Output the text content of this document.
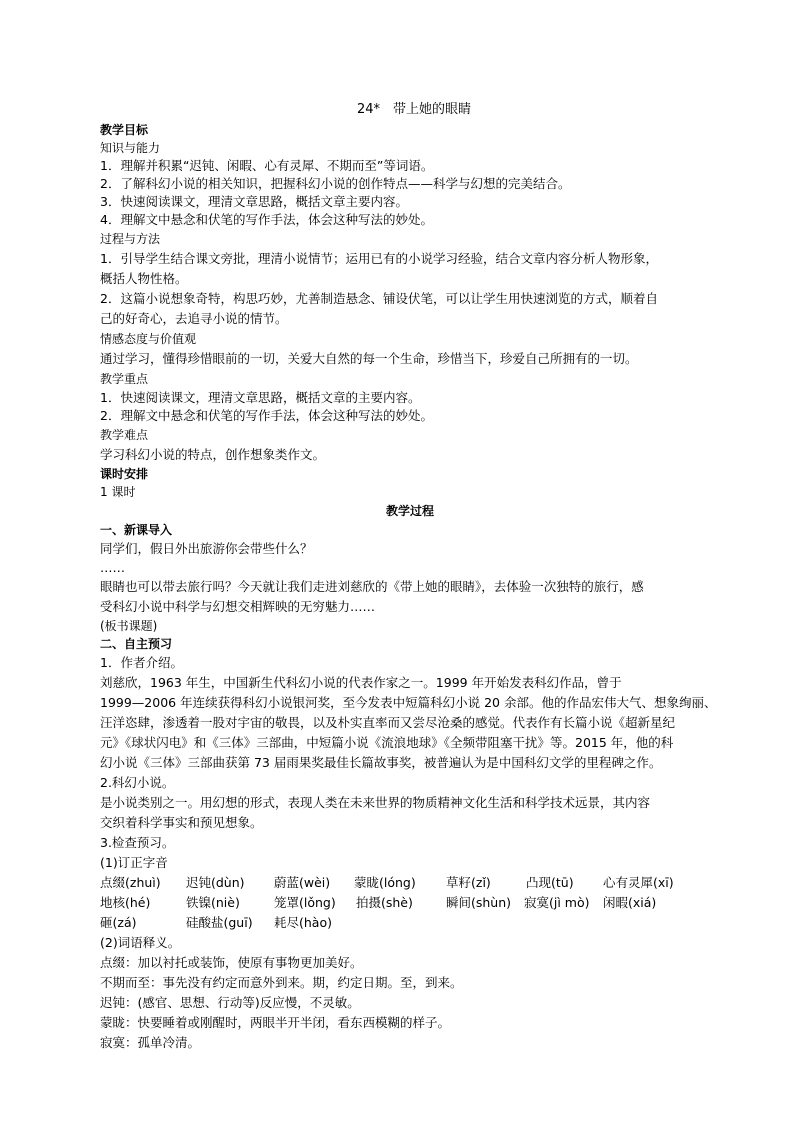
24*　带上她的眼睛
教学目标
知识与能力
1．理解并积累“迟钝、闲暇、心有灵犀、不期而至”等词语。
2．了解科幻小说的相关知识，把握科幻小说的创作特点——科学与幻想的完美结合。
3．快速阅读课文，理清文章思路，概括文章主要内容。
4．理解文中悬念和伏笔的写作手法，体会这种写法的妙处。
过程与方法
1．引导学生结合课文旁批，理清小说情节；运用已有的小说学习经验，结合文章内容分析人物形象，
概括人物性格。
2．这篇小说想象奇特，构思巧妙，尤善制造悬念、铺设伏笔，可以让学生用快速浏览的方式，顺着自
己的好奇心，去追寻小说的情节。
情感态度与价值观
通过学习，懂得珍惜眼前的一切，关爱大自然的每一个生命，珍惜当下，珍爱自己所拥有的一切。
教学重点
1．快速阅读课文，理清文章思路，概括文章的主要内容。
2．理解文中悬念和伏笔的写作手法，体会这种写法的妙处。
教学难点
学习科幻小说的特点，创作想象类作文。
课时安排
1 课时
教学过程
一、新课导入
同学们，假日外出旅游你会带些什么？
……
眼睛也可以带去旅行吗？今天就让我们走进刘慈欣的《带上她的眼睛》，去体验一次独特的旅行，感
受科幻小说中科学与幻想交相辉映的无穷魅力……
(板书课题)
二、自主预习
1．作者介绍。
刘慈欣，1963 年生，中国新生代科幻小说的代表作家之一。1999 年开始发表科幻作品，曾于
1999—2006 年连续获得科幻小说银河奖，至今发表中短篇科幻小说 20 余部。他的作品宏伟大气、想象绚丽、
汪洋恣肆，渗透着一股对宇宙的敬畏，以及朴实直率而又尝尽沧桑的感觉。代表作有长篇小说《超新星纪
元》《球状闪电》和《三体》三部曲，中短篇小说《流浪地球》《全频带阻塞干扰》等。2015 年，他的科
幻小说《三体》三部曲获第 73 届雨果奖最佳长篇故事奖，被普遍认为是中国科幻文学的里程碑之作。
2.科幻小说。
是小说类别之一。用幻想的形式，表现人类在未来世界的物质精神文化生活和科学技术远景，其内容
交织着科学事实和预见想象。
3.检查预习。
(1)订正字音
点缀(zhuì) 迟钝(dùn) 蔚蓝(wèi) 蒙眬(lóng) 草籽(zǐ)	凸现(tū) 心有灵犀(xī)
地核(hé)	铁镍(niè)	笼罩(lǒng) 拍摄(shè)	瞬间(shùn) 寂寞(jì mò) 闲暇(xiá)
砸(zá)	硅酸盐(guī) 耗尽(hào)
(2)词语释义。
点缀：加以衬托或装饰，使原有事物更加美好。
不期而至：事先没有约定而意外到来。期，约定日期。至，到来。
迟钝：(感官、思想、行动等)反应慢，不灵敏。
蒙眬：快要睡着或刚醒时，两眼半开半闭，看东西模糊的样子。
寂寞：孤单冷清。
